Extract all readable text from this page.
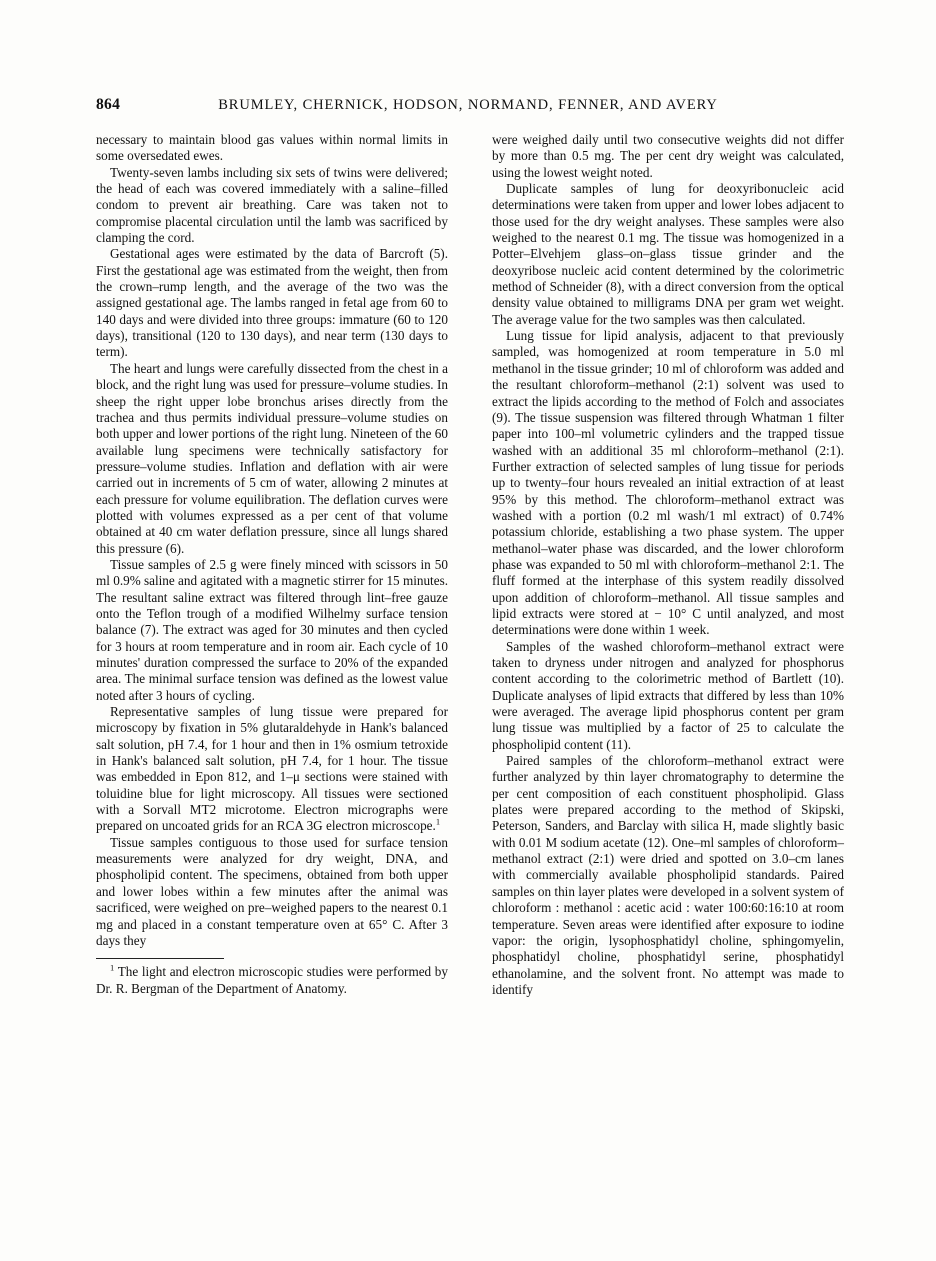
864	BRUMLEY, CHERNICK, HODSON, NORMAND, FENNER, AND AVERY

necessary to maintain blood gas values within normal limits in some oversedated ewes.

Twenty-seven lambs including six sets of twins were delivered; the head of each was covered immediately with a saline–filled condom to prevent air breathing. Care was taken not to compromise placental circulation until the lamb was sacrificed by clamping the cord.

Gestational ages were estimated by the data of Barcroft (5). First the gestational age was estimated from the weight, then from the crown–rump length, and the average of the two was the assigned gestational age. The lambs ranged in fetal age from 60 to 140 days and were divided into three groups: immature (60 to 120 days), transitional (120 to 130 days), and near term (130 days to term).

The heart and lungs were carefully dissected from the chest in a block, and the right lung was used for pressure–volume studies. In sheep the right upper lobe bronchus arises directly from the trachea and thus permits individual pressure–volume studies on both upper and lower portions of the right lung. Nineteen of the 60 available lung specimens were technically satisfactory for pressure–volume studies. Inflation and deflation with air were carried out in increments of 5 cm of water, allowing 2 minutes at each pressure for volume equilibration. The deflation curves were plotted with volumes expressed as a per cent of that volume obtained at 40 cm water deflation pressure, since all lungs shared this pressure (6).

Tissue samples of 2.5 g were finely minced with scissors in 50 ml 0.9% saline and agitated with a magnetic stirrer for 15 minutes. The resultant saline extract was filtered through lint–free gauze onto the Teflon trough of a modified Wilhelmy surface tension balance (7). The extract was aged for 30 minutes and then cycled for 3 hours at room temperature and in room air. Each cycle of 10 minutes' duration compressed the surface to 20% of the expanded area. The minimal surface tension was defined as the lowest value noted after 3 hours of cycling.

Representative samples of lung tissue were prepared for microscopy by fixation in 5% glutaraldehyde in Hank's balanced salt solution, pH 7.4, for 1 hour and then in 1% osmium tetroxide in Hank's balanced salt solution, pH 7.4, for 1 hour. The tissue was embedded in Epon 812, and 1–μ sections were stained with toluidine blue for light microscopy. All tissues were sectioned with a Sorvall MT2 microtome. Electron micrographs were prepared on uncoated grids for an RCA 3G electron microscope.$^1$

Tissue samples contiguous to those used for surface tension measurements were analyzed for dry weight, DNA, and phospholipid content. The specimens, obtained from both upper and lower lobes within a few minutes after the animal was sacrificed, were weighed on pre–weighed papers to the nearest 0.1 mg and placed in a constant temperature oven at 65° C. After 3 days they

$^1$ The light and electron microscopic studies were performed by Dr. R. Bergman of the Department of Anatomy.

were weighed daily until two consecutive weights did not differ by more than 0.5 mg. The per cent dry weight was calculated, using the lowest weight noted.

Duplicate samples of lung for deoxyribonucleic acid determinations were taken from upper and lower lobes adjacent to those used for the dry weight analyses. These samples were also weighed to the nearest 0.1 mg. The tissue was homogenized in a Potter–Elvehjem glass–on–glass tissue grinder and the deoxyribose nucleic acid content determined by the colorimetric method of Schneider (8), with a direct conversion from the optical density value obtained to milligrams DNA per gram wet weight. The average value for the two samples was then calculated.

Lung tissue for lipid analysis, adjacent to that previously sampled, was homogenized at room temperature in 5.0 ml methanol in the tissue grinder; 10 ml of chloroform was added and the resultant chloroform–methanol (2:1) solvent was used to extract the lipids according to the method of Folch and associates (9). The tissue suspension was filtered through Whatman 1 filter paper into 100–ml volumetric cylinders and the trapped tissue washed with an additional 35 ml chloroform–methanol (2:1). Further extraction of selected samples of lung tissue for periods up to twenty–four hours revealed an initial extraction of at least 95% by this method. The chloroform–methanol extract was washed with a portion (0.2 ml wash/1 ml extract) of 0.74% potassium chloride, establishing a two phase system. The upper methanol–water phase was discarded, and the lower chloroform phase was expanded to 50 ml with chloroform–methanol 2:1. The fluff formed at the interphase of this system readily dissolved upon addition of chloroform–methanol. All tissue samples and lipid extracts were stored at − 10° C until analyzed, and most determinations were done within 1 week.

Samples of the washed chloroform–methanol extract were taken to dryness under nitrogen and analyzed for phosphorus content according to the colorimetric method of Bartlett (10). Duplicate analyses of lipid extracts that differed by less than 10% were averaged. The average lipid phosphorus content per gram lung tissue was multiplied by a factor of 25 to calculate the phospholipid content (11).

Paired samples of the chloroform–methanol extract were further analyzed by thin layer chromatography to determine the per cent composition of each constituent phospholipid. Glass plates were prepared according to the method of Skipski, Peterson, Sanders, and Barclay with silica H, made slightly basic with 0.01 M sodium acetate (12). One–ml samples of chloroform–methanol extract (2:1) were dried and spotted on 3.0–cm lanes with commercially available phospholipid standards. Paired samples on thin layer plates were developed in a solvent system of chloroform : methanol : acetic acid : water 100:60:16:10 at room temperature. Seven areas were identified after exposure to iodine vapor: the origin, lysophosphatidyl choline, sphingomyelin, phosphatidyl choline, phosphatidyl serine, phosphatidyl ethanolamine, and the solvent front. No attempt was made to identify
